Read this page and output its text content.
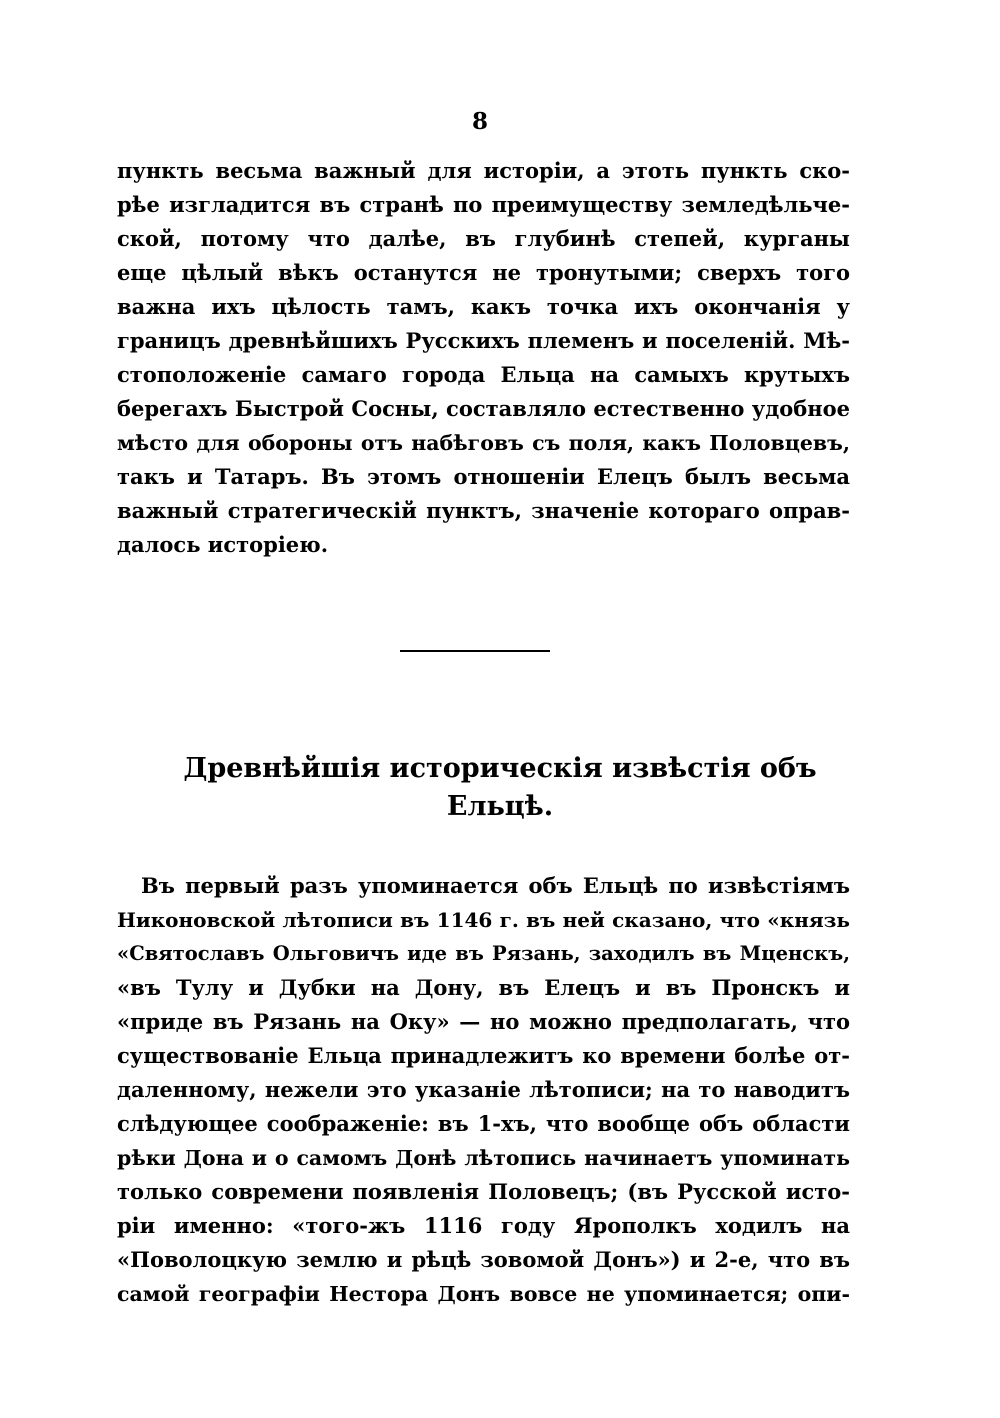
8
пункть весьма важный для исторіи, а этоть пункть ско-
рѣе изгладится въ странѣ по преимуществу земледѣльче-
ской, потому что далѣе, въ глубинѣ степей, курганы
еще цѣлый вѣкъ останутся не тронутыми; сверхъ того
важна ихъ цѣлость тамъ, какъ точка ихъ окончанія у
границъ древнѣйшихъ Русскихъ племенъ и поселеній. Мѣ-
стоположеніе самаго города Ельца на самыхъ крутыхъ
берегахъ Быстрой Сосны, составляло естественно удобное
мѣсто для обороны отъ набѣговъ съ поля, какъ Половцевъ,
такъ и Татаръ. Въ этомъ отношеніи Елецъ былъ весьма
важный стратегическій пунктъ, значеніе котораго оправ-
далось исторіею.
Древнѣйшія историческія извѣстія объ
Ельцѣ.
Въ первый разъ упоминается объ Ельцѣ по извѣстіямъ
Никоновской лѣтописи въ 1146 г. въ ней сказано, что «князь
«Святославъ Ольговичъ иде въ Рязань, заходилъ въ Мценскъ,
«въ Тулу и Дубки на Дону, въ Елецъ и въ Пронскъ и
«приде въ Рязань на Оку» — но можно предполагать, что
существованіе Ельца принадлежитъ ко времени болѣе от-
даленному, нежели это указаніе лѣтописи; на то наводитъ
слѣдующее соображеніе: въ 1-хъ, что вообще объ области
рѣки Дона и о самомъ Донѣ лѣтопись начинаетъ упоминать
только современи появленія Половецъ; (въ Русской исто-
ріи именно: «того-жъ 1116 году Ярополкъ ходилъ на
«Поволоцкую землю и рѣцѣ зовомой Донъ») и 2-е, что въ
самой географіи Нестора Донъ вовсе не упоминается; опи-
